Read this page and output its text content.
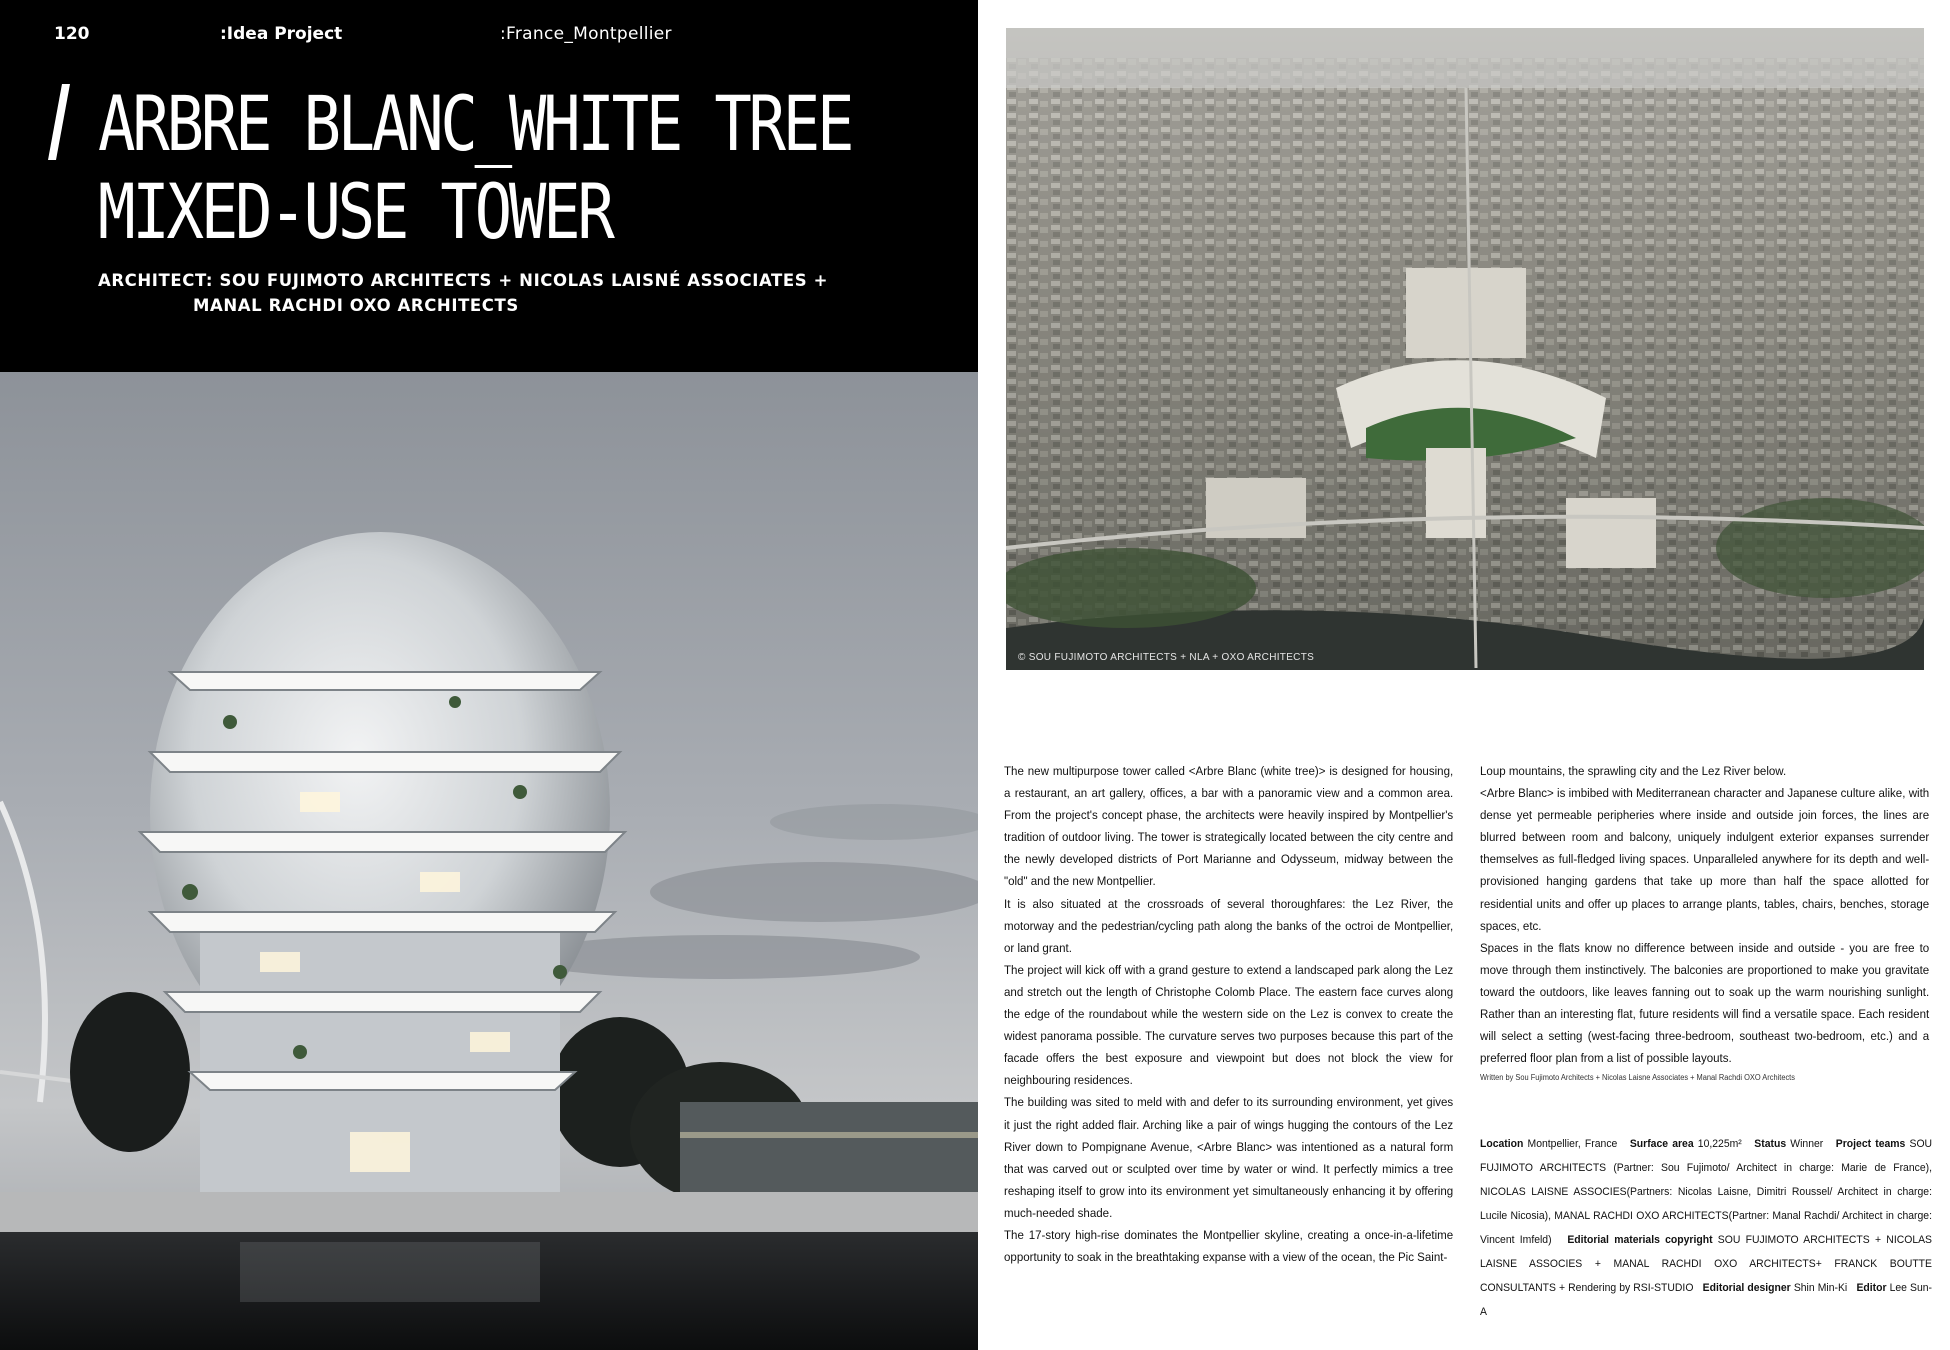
120	:Idea Project	:France_Montpellier
ARBRE BLANC_WHITE TREE
MIXED-USE TOWER
ARCHITECT: SOU FUJIMOTO ARCHITECTS + NICOLAS LAISNÉ ASSOCIATES +
MANAL RACHDI OXO ARCHITECTS
© SOU FUJIMOTO ARCHITECTS + NLA + OXO ARCHITECTS

The new multipurpose tower called <Arbre Blanc (white tree)> is designed for housing, a restaurant, an art gallery, offices, a bar with a panoramic view and a common area. From the project's concept phase, the architects were heavily inspired by Montpellier's tradition of outdoor living. The tower is strategically located between the city centre and the newly developed districts of Port Marianne and Odysseum, midway between the "old" and the new Montpellier.

It is also situated at the crossroads of several thoroughfares: the Lez River, the motorway and the pedestrian/cycling path along the banks of the octroi de Montpellier, or land grant.

The project will kick off with a grand gesture to extend a landscaped park along the Lez and stretch out the length of Christophe Colomb Place. The eastern face curves along the edge of the roundabout while the western side on the Lez is convex to create the widest panorama possible. The curvature serves two purposes because this part of the facade offers the best exposure and viewpoint but does not block the view for neighbouring residences.

The building was sited to meld with and defer to its surrounding environment, yet gives it just the right added flair. Arching like a pair of wings hugging the contours of the Lez River down to Pompignane Avenue, <Arbre Blanc> was intentioned as a natural form that was carved out or sculpted over time by water or wind. It perfectly mimics a tree reshaping itself to grow into its environment yet simultaneously enhancing it by offering much-needed shade.

The 17-story high-rise dominates the Montpellier skyline, creating a once-in-a-lifetime opportunity to soak in the breathtaking expanse with a view of the ocean, the Pic Saint-

Loup mountains, the sprawling city and the Lez River below.

<Arbre Blanc> is imbibed with Mediterranean character and Japanese culture alike, with dense yet permeable peripheries where inside and outside join forces, the lines are blurred between room and balcony, uniquely indulgent exterior expanses surrender themselves as full-fledged living spaces. Unparalleled anywhere for its depth and well-provisioned hanging gardens that take up more than half the space allotted for residential units and offer up places to arrange plants, tables, chairs, benches, storage spaces, etc.

Spaces in the flats know no difference between inside and outside - you are free to move through them instinctively. The balconies are proportioned to make you gravitate toward the outdoors, like leaves fanning out to soak up the warm nourishing sunlight. Rather than an interesting flat, future residents will find a versatile space. Each resident will select a setting (west-facing three-bedroom, southeast two-bedroom, etc.) and a preferred floor plan from a list of possible layouts.

Written by Sou Fujimoto Architects + Nicolas Laisne Associates + Manal Rachdi OXO Architects

Location Montpellier, France Surface area 10,225m² Status Winner Project teams SOU FUJIMOTO ARCHITECTS (Partner: Sou Fujimoto/ Architect in charge: Marie de France), NICOLAS LAISNE ASSOCIES(Partners: Nicolas Laisne, Dimitri Roussel/ Architect in charge: Lucile Nicosia), MANAL RACHDI OXO ARCHITECTS(Partner: Manal Rachdi/ Architect in charge: Vincent Imfeld) Editorial materials copyright SOU FUJIMOTO ARCHITECTS + NICOLAS LAISNE ASSOCIES + MANAL RACHDI OXO ARCHITECTS+ FRANCK BOUTTE CONSULTANTS + Rendering by RSI-STUDIO Editorial designer Shin Min-Ki Editor Lee Sun-A
